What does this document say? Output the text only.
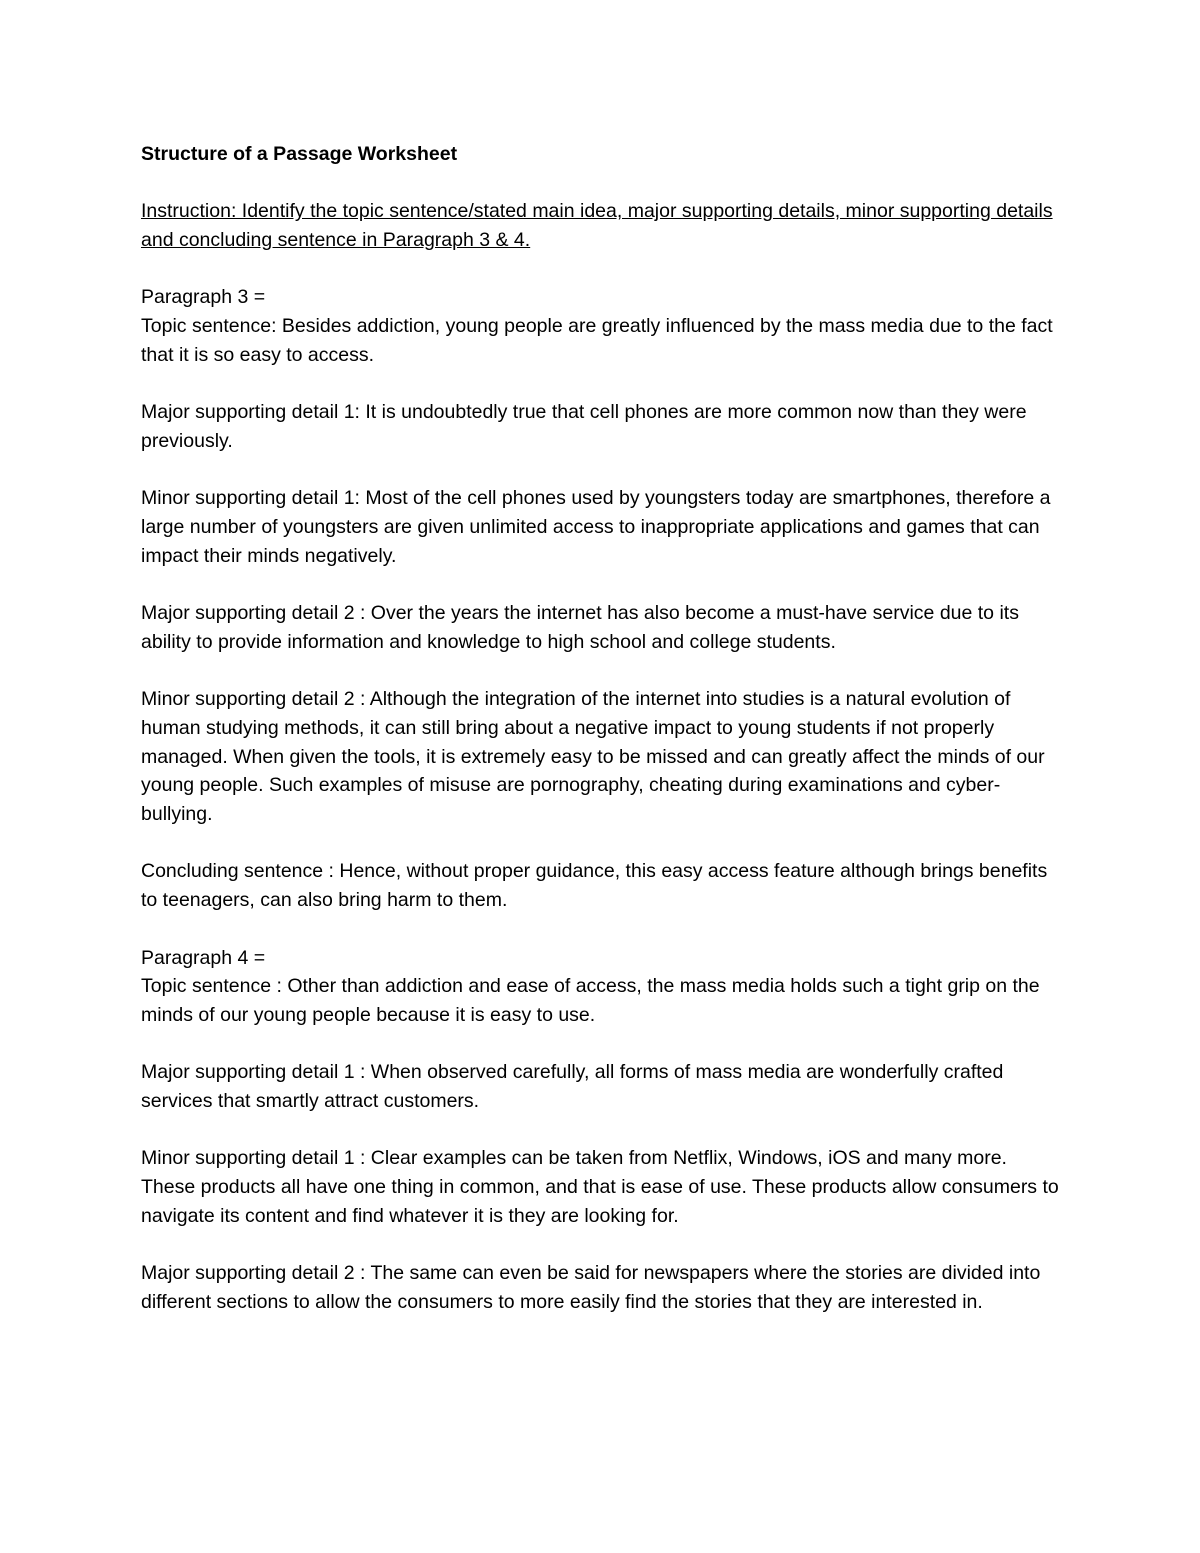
Structure of a Passage Worksheet
Instruction: Identify the topic sentence/stated main idea, major supporting details, minor supporting details and concluding sentence in Paragraph 3 & 4.
Paragraph 3 =
Topic sentence: Besides addiction, young people are greatly influenced by the mass media due to the fact that it is so easy to access.
Major supporting detail 1: It is undoubtedly true that cell phones are more common now than they were previously.
Minor supporting detail 1: Most of the cell phones used by youngsters today are smartphones, therefore a large number of youngsters are given unlimited access to inappropriate applications and games that can impact their minds negatively.
Major supporting detail 2 : Over the years the internet has also become a must-have service due to its ability to provide information and knowledge to high school and college students.
Minor supporting detail 2 : Although the integration of the internet into studies is a natural evolution of human studying methods, it can still bring about a negative impact to young students if not properly managed. When given the tools, it is extremely easy to be missed and can greatly affect the minds of our young people. Such examples of misuse are pornography, cheating during examinations and cyber-bullying.
Concluding sentence : Hence, without proper guidance, this easy access feature although brings benefits to teenagers, can also bring harm to them.
Paragraph 4 =
Topic sentence : Other than addiction and ease of access, the mass media holds such a tight grip on the minds of our young people because it is easy to use.
Major supporting detail 1 : When observed carefully, all forms of mass media are wonderfully crafted services that smartly attract customers.
Minor supporting detail 1 : Clear examples can be taken from Netflix, Windows, iOS and many more. These products all have one thing in common, and that is ease of use. These products allow consumers to navigate its content and find whatever it is they are looking for.
Major supporting detail 2 : The same can even be said for newspapers where the stories are divided into different sections to allow the consumers to more easily find the stories that they are interested in.
